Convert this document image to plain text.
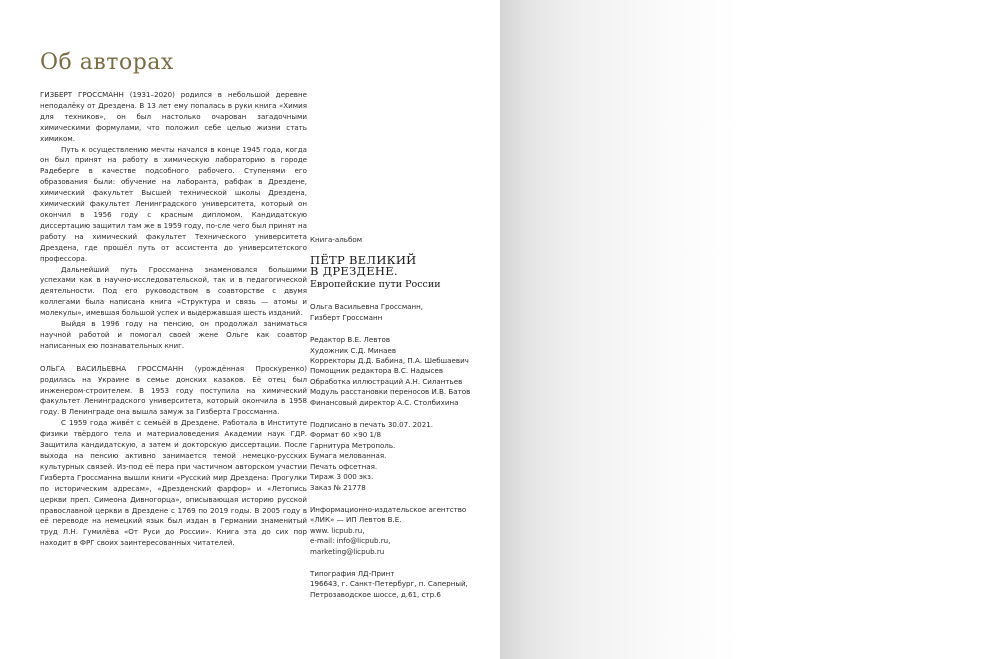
Об авторах

ГИЗБЕРТ ГРОССМАНН (1931–2020) родился в небольшой деревне неподалёку от Дрездена. В 13 лет ему попалась в руки книга «Химия для техников», он был настолько очарован загадочными химическими формулами, что положил себе целью жизни стать химиком.

Путь к осуществлению мечты начался в конце 1945 года, когда он был принят на работу в химическую лабораторию в городе Радеберге в качестве подсобного рабочего. Ступенями его образования были: обучение на лаборанта, рабфак в Дрездене, химический факультет Высшей технической школы Дрездена, химический факультет Ленинградского университета, который он окончил в 1956 году с красным дипломом. Кандидатскую диссертацию защитил там же в 1959 году, по-сле чего был принят на работу на химический факультет Технического университета Дрездена, где прошёл путь от ассистента до университетского профессора.

Дальнейший путь Гроссманна знаменовался большими успехами как в научно-исследовательской, так и в педагогической деятельности. Под его руководством в соавторстве с двумя коллегами была написана книга «Структура и связь — атомы и молекулы», имевшая большой успех и выдержавшая шесть изданий.

Выйдя в 1996 году на пенсию, он продолжал заниматься научной работой и помогал своей жене Ольге как соавтор написанных ею познавательных книг.

ОЛЬГА ВАСИЛЬЕВНА ГРОССМАНН (урождённая Проскуренко) родилась на Украине в семье донских казаков. Её отец был инженером-строителем. В 1953 году поступила на химический факультет Ленинградского университета, который окончила в 1958 году. В Ленинграде она вышла замуж за Гизберта Гроссманна.

С 1959 года живёт с семьёй в Дрездене. Работала в Институте физики твёрдого тела и материаловедения Академии наук ГДР. Защитила кандидатскую, а затем и докторскую диссертации. После выхода на пенсию активно занимается темой немецко-русских культурных связей. Из-под её пера при частичном авторском участии Гизберта Гроссманна вышли книги «Русский мир Дрездена: Прогулки по историческим адресам», «Дрезденский фарфор» и «Летопись церкви преп. Симеона Дивногорца», описывающая историю русской православной церкви в Дрездене с 1769 по 2019 годы. В 2005 году в её переводе на немецкий язык был издан в Германии знаменитый труд Л.Н. Гумилёва «От Руси до России». Книга эта до сих пор находит в ФРГ своих заинтересованных читателей.

Книга-альбом
ПЁТР ВЕЛИКИЙ
В ДРЕЗДЕНЕ.
Европейские пути России
Ольга Васильевна Гроссманн,
Гизберт Гроссманн
Редактор В.Е. Левтов
Художник С.Д. Минаев
Корректоры Д.Д. Бабина, П.А. Шебшаевич
Помощник редактора В.С. Надысев
Обработка иллюстраций А.Н. Силантьев
Модуль расстановки переносов И.В. Батов
Финансовый директор А.С. Столбихина
Подписано в печать 30.07. 2021.
Формат 60 ×90 1/8
Гарнитура Метрополь.
Бумага мелованная.
Печать офсетная.
Тираж 3 000 экз.
Заказ № 21778
Информационно-издательское агентство
«ЛИК» — ИП Левтов В.Е.
www. licpub.ru,
e-mail: info@licpub.ru,
marketing@licpub.ru
Типография ЛД-Принт
196643, г. Санкт-Петербург, п. Саперный,
Петрозаводское шоссе, д.61, стр.6
